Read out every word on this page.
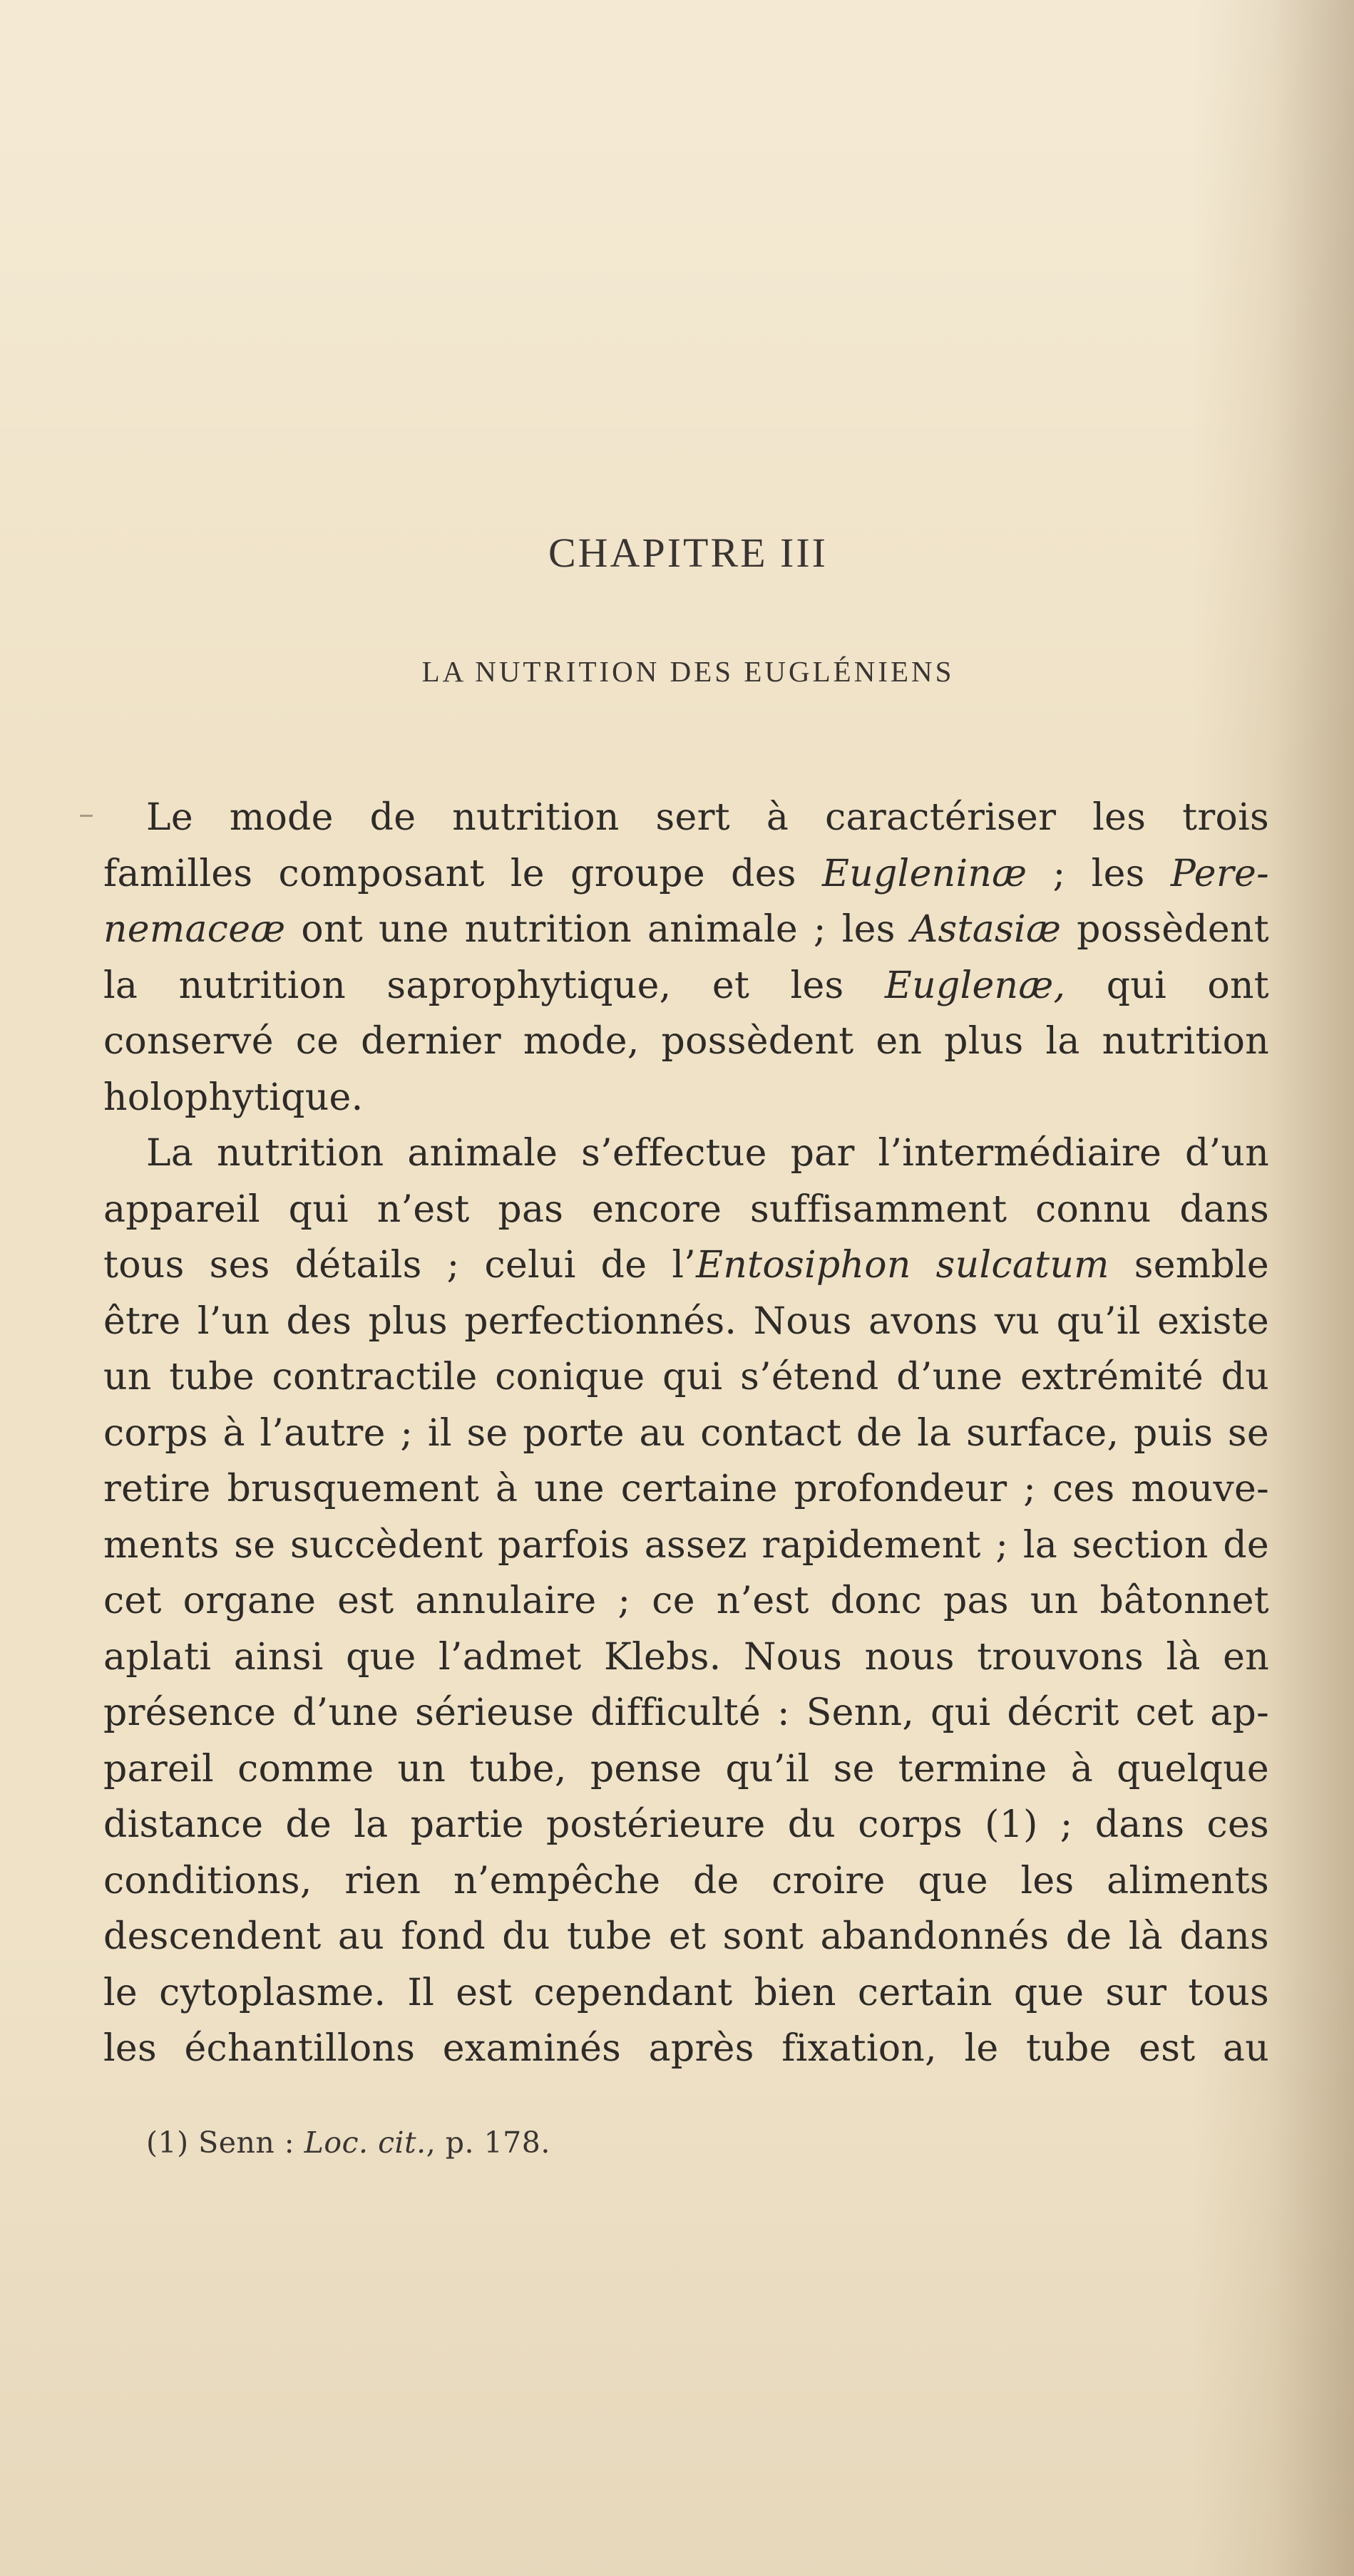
CHAPITRE III
LA NUTRITION DES EUGLÉNIENS
Le mode de nutrition sert à caractériser les trois
familles composant le groupe des Eugleninæ ; les Pere-
nemaceæ ont une nutrition animale ; les Astasiæ possèdent
la nutrition saprophytique, et les Euglenæ, qui ont
conservé ce dernier mode, possèdent en plus la nutrition
holophytique.
La nutrition animale s’effectue par l’intermédiaire d’un
appareil qui n’est pas encore suffisamment connu dans
tous ses détails ; celui de l’Entosiphon sulcatum semble
être l’un des plus perfectionnés. Nous avons vu qu’il existe
un tube contractile conique qui s’étend d’une extrémité du
corps à l’autre ; il se porte au contact de la surface, puis se
retire brusquement à une certaine profondeur ; ces mouve-
ments se succèdent parfois assez rapidement ; la section de
cet organe est annulaire ; ce n’est donc pas un bâtonnet
aplati ainsi que l’admet Klebs. Nous nous trouvons là en
présence d’une sérieuse difficulté : Senn, qui décrit cet ap-
pareil comme un tube, pense qu’il se termine à quelque
distance de la partie postérieure du corps (1) ; dans ces
conditions, rien n’empêche de croire que les aliments
descendent au fond du tube et sont abandonnés de là dans
le cytoplasme. Il est cependant bien certain que sur tous
les échantillons examinés après fixation, le tube est au
(1) Senn : Loc. cit., p. 178.
